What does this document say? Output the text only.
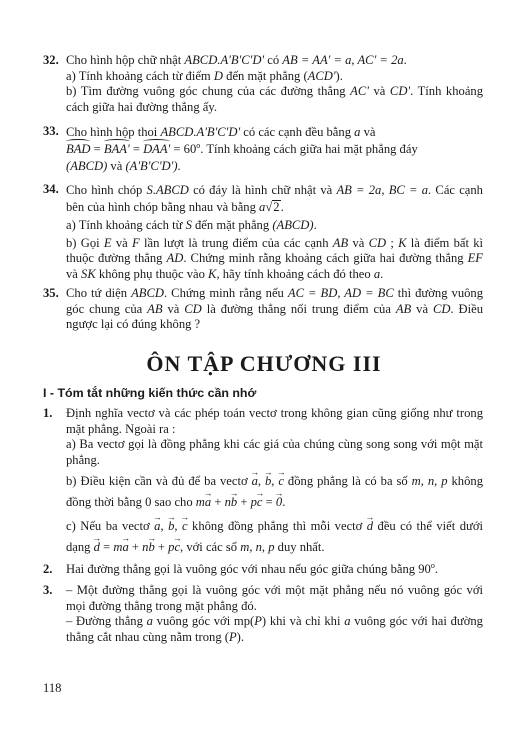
32. Cho hình hộp chữ nhật ABCD.A'B'C'D' có AB = AA' = a, AC' = 2a.

a) Tính khoảng cách từ điểm D đến mặt phẳng (ACD').

b) Tìm đường vuông góc chung của các đường thẳng AC' và CD'. Tính khoảng cách giữa hai đường thẳng ấy.

33. Cho hình hộp thoi ABCD.A'B'C'D' có các cạnh đều bằng a và
BAD = $BAA' = DAA' = 60^o$. Tính khoảng cách giữa hai mặt phẳng đáy
(ABCD) và (A'B'C'D').

34. Cho hình chóp S.ABCD có đáy là hình chữ nhật và AB = 2a, BC = a. Các cạnh bên của hình chóp bằng nhau và bằng a√2.

a) Tính khoảng cách từ S đến mặt phẳng (ABCD).

b) Gọi E và F lần lượt là trung điểm của các cạnh AB và CD ; K là điểm bất kì thuộc đường thẳng AD. Chứng minh rằng khoảng cách giữa hai đường thẳng EF và SK không phụ thuộc vào K, hãy tính khoảng cách đó theo a.

35. Cho tứ diện ABCD. Chứng minh rằng nếu AC = BD, AD = BC thì đường vuông góc chung của AB và CD là đường thẳng nối trung điểm của AB và CD. Điều ngược lại có đúng không ?

ÔN TẬP CHƯƠNG III
I - Tóm tắt những kiến thức cần nhớ
1. Định nghĩa vectơ và các phép toán vectơ trong không gian cũng giống như trong mặt phẳng. Ngoài ra :

a) Ba vectơ gọi là đồng phẳng khi các giá của chúng cùng song song với một mặt phẳng.

b) Điều kiện cần và đủ để ba vectơ → a, → b, → c đồng phẳng là có ba số m, n, p không đồng thời bằng 0 sao cho m→ a + n→ b + p→ c = → 0.

c) Nếu ba vectơ → a, → b, → c không đồng phẳng thì mỗi vectơ → d đều có thể viết dưới dạng → d = m→ a + n→ b + p→ c, với các số m, n, p duy nhất.

2. Hai đường thẳng gọi là vuông góc với nhau nếu góc giữa chúng bằng 90$^o$.

3. – Một đường thẳng gọi là vuông góc với một mặt phẳng nếu nó vuông góc với mọi đường thẳng trong mặt phẳng đó.

– Đường thẳng a vuông góc với mp(P) khi và chỉ khi a vuông góc với hai đường thẳng cắt nhau cùng nằm trong (P).

118
